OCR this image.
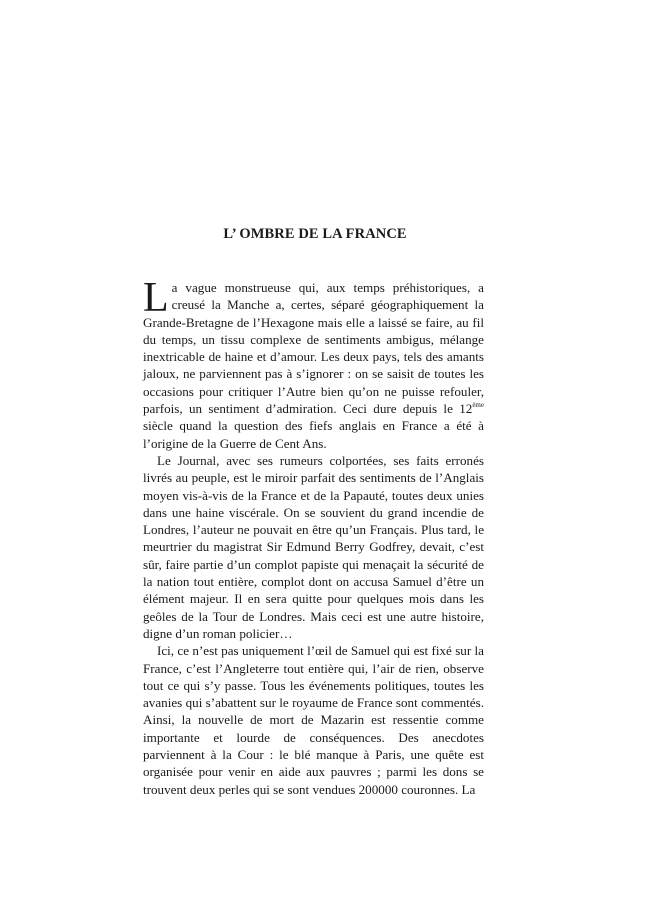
L’ OMBRE DE LA FRANCE

La vague monstrueuse qui, aux temps préhistoriques, a creusé la Manche a, certes, séparé géographiquement la Grande-Bretagne de l’Hexagone mais elle a laissé se faire, au fil du temps, un tissu complexe de sentiments ambigus, mélange inextricable de haine et d’amour. Les deux pays, tels des amants jaloux, ne parviennent pas à s’ignorer : on se saisit de toutes les occasions pour critiquer l’Autre bien qu’on ne puisse refouler, parfois, un sentiment d’admiration. Ceci dure depuis le 12ème siècle quand la question des fiefs anglais en France a été à l’origine de la Guerre de Cent Ans.

Le Journal, avec ses rumeurs colportées, ses faits erronés livrés au peuple, est le miroir parfait des sentiments de l’Anglais moyen vis-à-vis de la France et de la Papauté, toutes deux unies dans une haine viscérale. On se souvient du grand incendie de Londres, l’auteur ne pouvait en être qu’un Français. Plus tard, le meurtrier du magistrat Sir Edmund Berry Godfrey, devait, c’est sûr, faire partie d’un complot papiste qui menaçait la sécurité de la nation tout entière, complot dont on accusa Samuel d’être un élément majeur. Il en sera quitte pour quelques mois dans les geôles de la Tour de Londres. Mais ceci est une autre histoire, digne d’un roman policier…

Ici, ce n’est pas uniquement l’œil de Samuel qui est fixé sur la France, c’est l’Angleterre tout entière qui, l’air de rien, observe tout ce qui s’y passe. Tous les événements politiques, toutes les avanies qui s’abattent sur le royaume de France sont commentés. Ainsi, la nouvelle de mort de Mazarin est ressentie comme importante et lourde de conséquences. Des anecdotes parviennent à la Cour : le blé manque à Paris, une quête est organisée pour venir en aide aux pauvres ; parmi les dons se trouvent deux perles qui se sont vendues 200000 couronnes. La
